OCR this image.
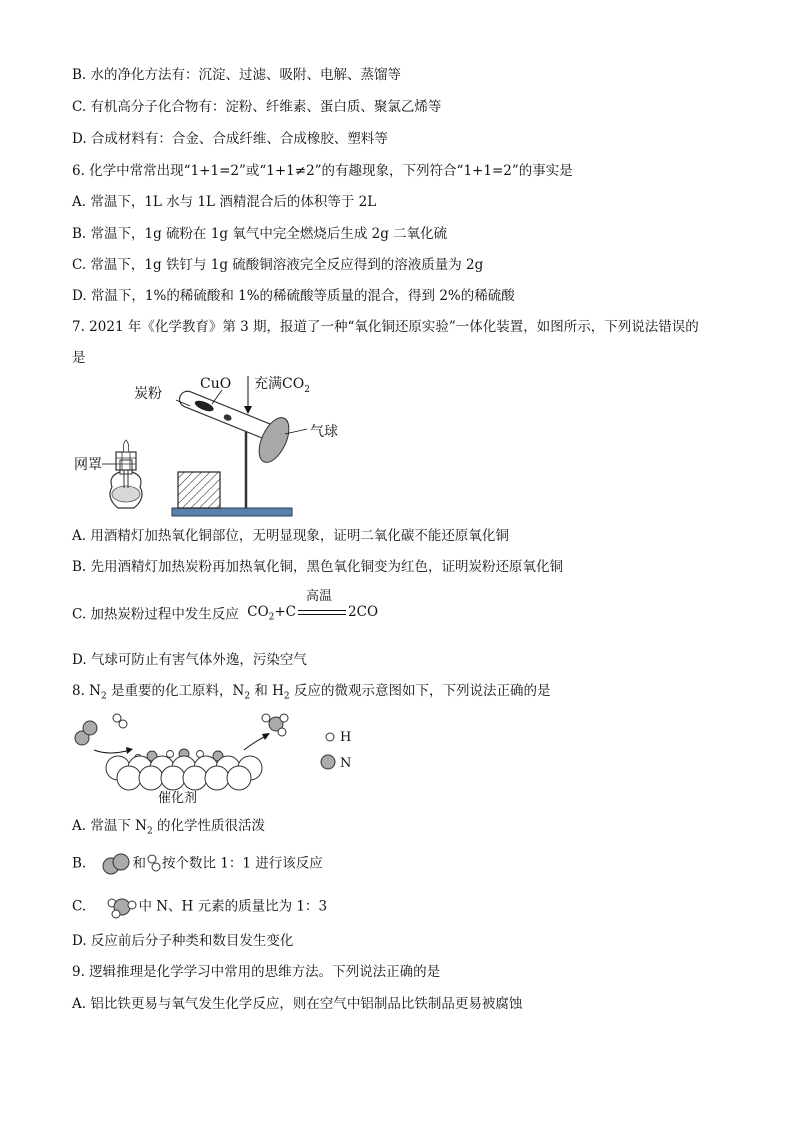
B. 水的净化方法有：沉淀、过滤、吸附、电解、蒸馏等
C. 有机高分子化合物有：淀粉、纤维素、蛋白质、聚氯乙烯等
D. 合成材料有：合金、合成纤维、合成橡胶、塑料等
6. 化学中常常出现“1+1=2”或“1+1≠2”的有趣现象，下列符合“1+1=2”的事实是
A. 常温下，1L 水与 1L 酒精混合后的体积等于 2L
B. 常温下，1g 硫粉在 1g 氧气中完全燃烧后生成 2g 二氧化硫
C. 常温下，1g 铁钉与 1g 硫酸铜溶液完全反应得到的溶液质量为 2g
D. 常温下，1%的稀硫酸和 1%的稀硫酸等质量的混合，得到 2%的稀硫酸
7. 2021 年《化学教育》第 3 期，报道了一种“氧化铜还原实验”一体化装置，如图所示，下列说法错误的
是
炭粉
CuO 充满$CO_2$
气球
网罩
A. 用酒精灯加热氧化铜部位，无明显现象，证明二氧化碳不能还原氧化铜
B. 先用酒精灯加热炭粉再加热氧化铜，黑色氧化铜变为红色，证明炭粉还原氧化铜
C. 加热炭粉过程中发生反应 $CO_2+C$
高温
2CO
D. 气球可防止有害气体外逸，污染空气
8. $N_2$ 是重要的化工原料，$N_2$ 和 $H_2$ 反应的微观示意图如下，下列说法正确的是
催化剂
H
N
A. 常温下 $N_2$ 的化学性质很活泼
B.	和 按个数比 1：1 进行该反应
C.	中 N、H 元素的质量比为 1：3
D. 反应前后分子种类和数目发生变化
9. 逻辑推理是化学学习中常用的思维方法。下列说法正确的是
A. 铝比铁更易与氧气发生化学反应，则在空气中铝制品比铁制品更易被腐蚀
